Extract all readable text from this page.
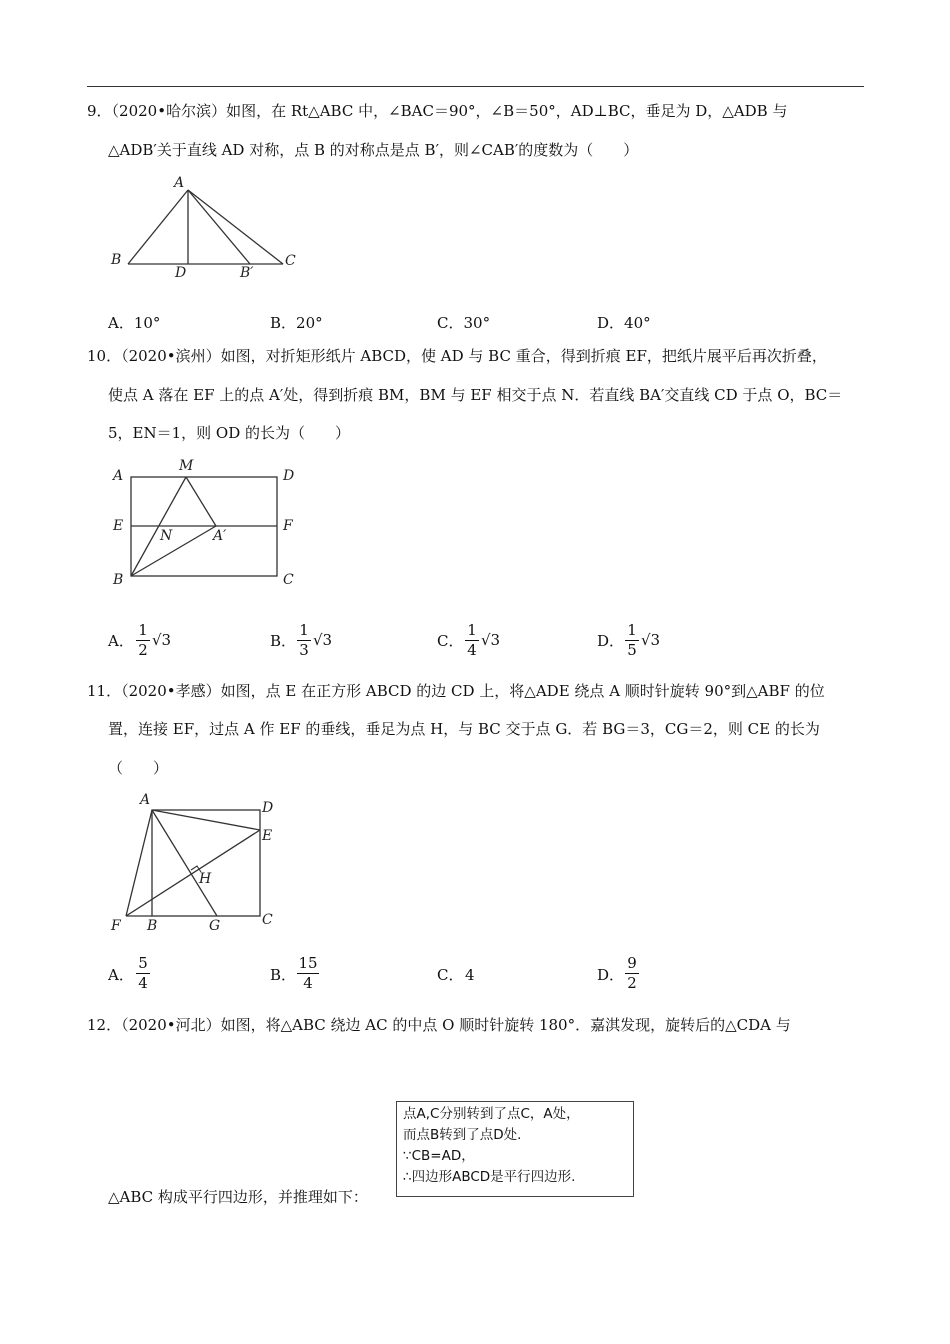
9．（2020•哈尔滨）如图，在 Rt△ABC 中，∠BAC＝90°，∠B＝50°，AD⊥BC，垂足为 D，△ADB 与
△ADB′关于直线 AD 对称，点 B 的对称点是点 B′，则∠CAB′的度数为（　　）
A
B
D	B′
C
A．10°	B．20°	C．30°	D．40°
10．（2020•滨州）如图，对折矩形纸片 ABCD，使 AD 与 BC 重合，得到折痕 EF，把纸片展平后再次折叠，
使点 A 落在 EF 上的点 A′处，得到折痕 BM，BM 与 EF 相交于点 N．若直线 BA′交直线 CD 于点 O，BC＝
5，EN＝1，则 OD 的长为（　　）
A
M
D
E
N	A′
F
B	C
A．
1
2
√3	B．
1
3
√3	C．
1
4
√3	D．
1
5
√3
11．（2020•孝感）如图，点 E 在正方形 ABCD 的边 CD 上，将△ADE 绕点 A 顺时针旋转 90°到△ABF 的位
置，连接 EF，过点 A 作 EF 的垂线，垂足为点 H，与 BC 交于点 G．若 BG＝3，CG＝2，则 CE 的长为
（　　）
A	D
E
H
F B	G	C
A．
5
4	B．
15
4	C． 4	D．
9
2
12．（2020•河北）如图，将△ABC 绕边 AC 的中点 O 顺时针旋转 180°．嘉淇发现，旋转后的△CDA 与
△ABC 构成平行四边形，并推理如下：
点A,C分别转到了点C，A处，
而点B转到了点D处.
∵CB=AD，
∴四边形ABCD是平行四边形.
